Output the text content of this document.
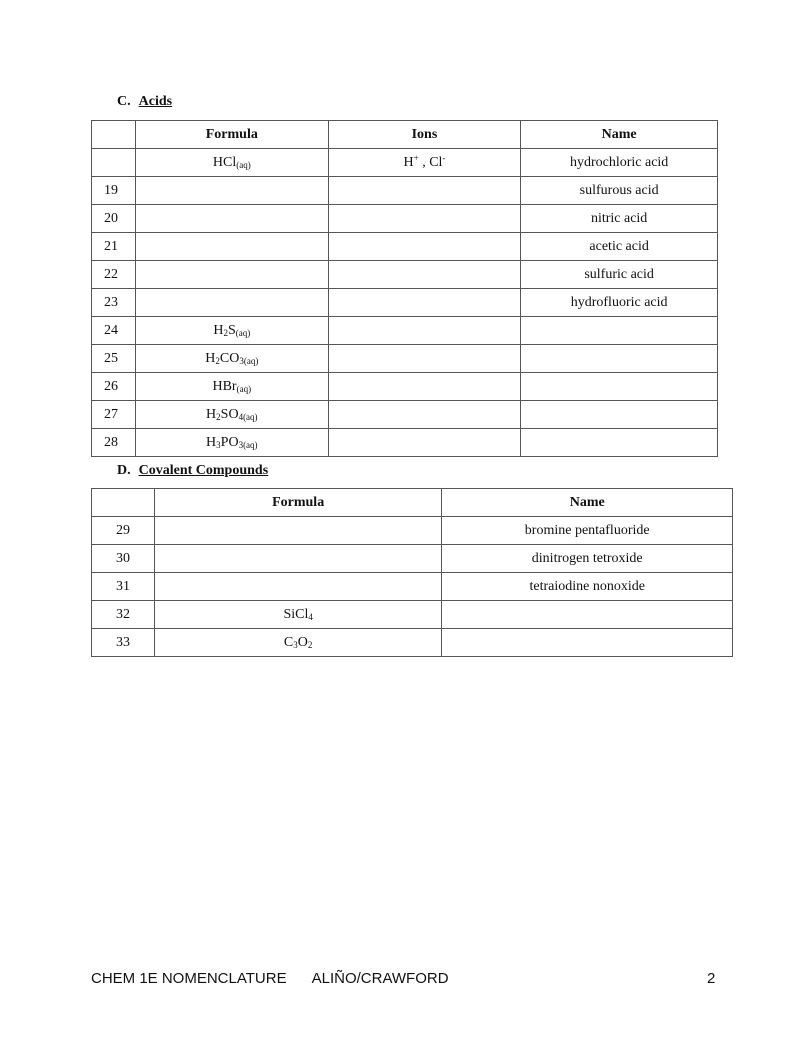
C. Acids
	Formula	Ions	Name
	HCl$_{(aq)}$	H+ , Cl-	hydrochloric acid
19			sulfurous acid
20			nitric acid
21			acetic acid
22			sulfuric acid
23			hydrofluoric acid
24	$H_2S_{(aq)}$		
25	$H_2CO_{3(aq)}$		
26	HBr$_{(aq)}$		
27	$H_2SO_{4(aq)}$		
28	$H_3PO_{3(aq)}$		
D. Covalent Compounds
	Formula	Name
29		bromine pentafluoride
30		dinitrogen tetroxide
31		tetraiodine nonoxide
32	SiCl$_4$	
33	$C_3O_2$	
CHEM 1E NOMENCLATURE ALIÑO/CRAWFORD	2
